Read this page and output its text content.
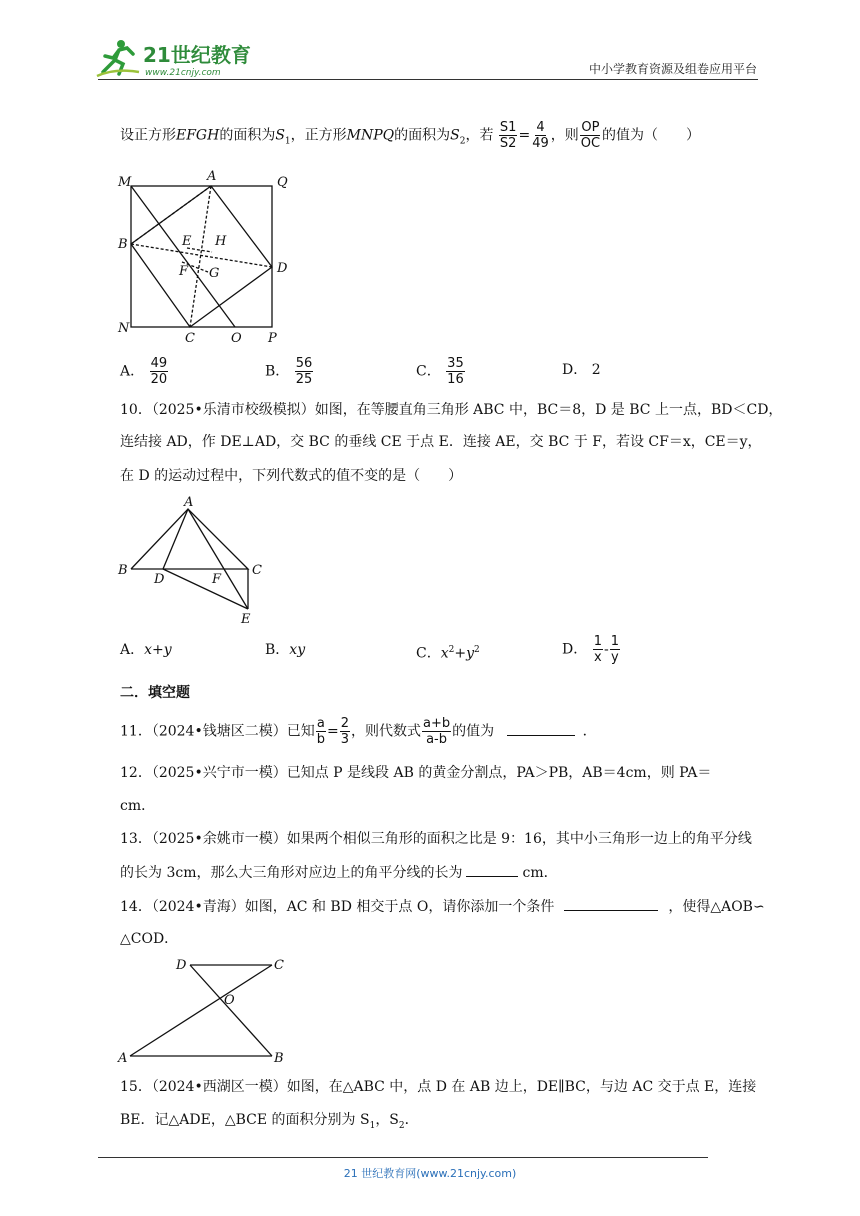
21世纪教育
www.21cnjy.com	中小学教育资源及组卷应用平台
设正方形EFGH的面积为$S_1$，正方形MNPQ的面积为$S_2$，若 $\frac{S1}{S2} = \frac{4}{49}$ ，则 $\frac{OP}{OC}$ 的值为（　　）
M	A	Q
B	E H
F G	D
N
C	O P
A． $\frac{49}{20}$	B． $\frac{56}{25}$	C． $\frac{35}{16}$	D． 2
10．（2025•乐清市校级模拟）如图，在等腰直角三角形 ABC 中，BC＝8，D 是 BC 上一点，BD＜CD，
连结接 AD，作 DE⊥AD，交 BC 的垂线 CE 于点 E．连接 AE，交 BC 于 F，若设 CF＝x，CE＝y，
在 D 的运动过程中，下列代数式的值不变的是（　　）
A
B
D	F
C
E
A．x+y	B．xy	C．$x^2+y^2$	D． $\frac{1}{x} - \frac{1}{y}$
二．填空题
11．（2024•钱塘区二模）已知 $\frac{a}{b} = \frac{2}{3}$ ，则代数式 $\frac{a+b}{a-b}$ 的值为	．
12．（2025•兴宁市一模）已知点 P 是线段 AB 的黄金分割点，PA＞PB，AB＝4cm，则 PA＝
cm．
13．（2025•余姚市一模）如果两个相似三角形的面积之比是 9：16，其中小三角形一边上的角平分线
的长为 3cm，那么大三角形对应边上的角平分线的长为	cm．
14．（2024•青海）如图，AC 和 BD 相交于点 O，请你添加一个条件	，使得△AOB∽
△COD．
D	C
O
A	B
15．（2024•西湖区一模）如图，在△ABC 中，点 D 在 AB 边上，DE∥BC，与边 AC 交于点 E，连接
BE．记△ADE，△BCE 的面积分别为 $S_1$，$S_2$．
21 世纪教育网(www.21cnjy.com)
